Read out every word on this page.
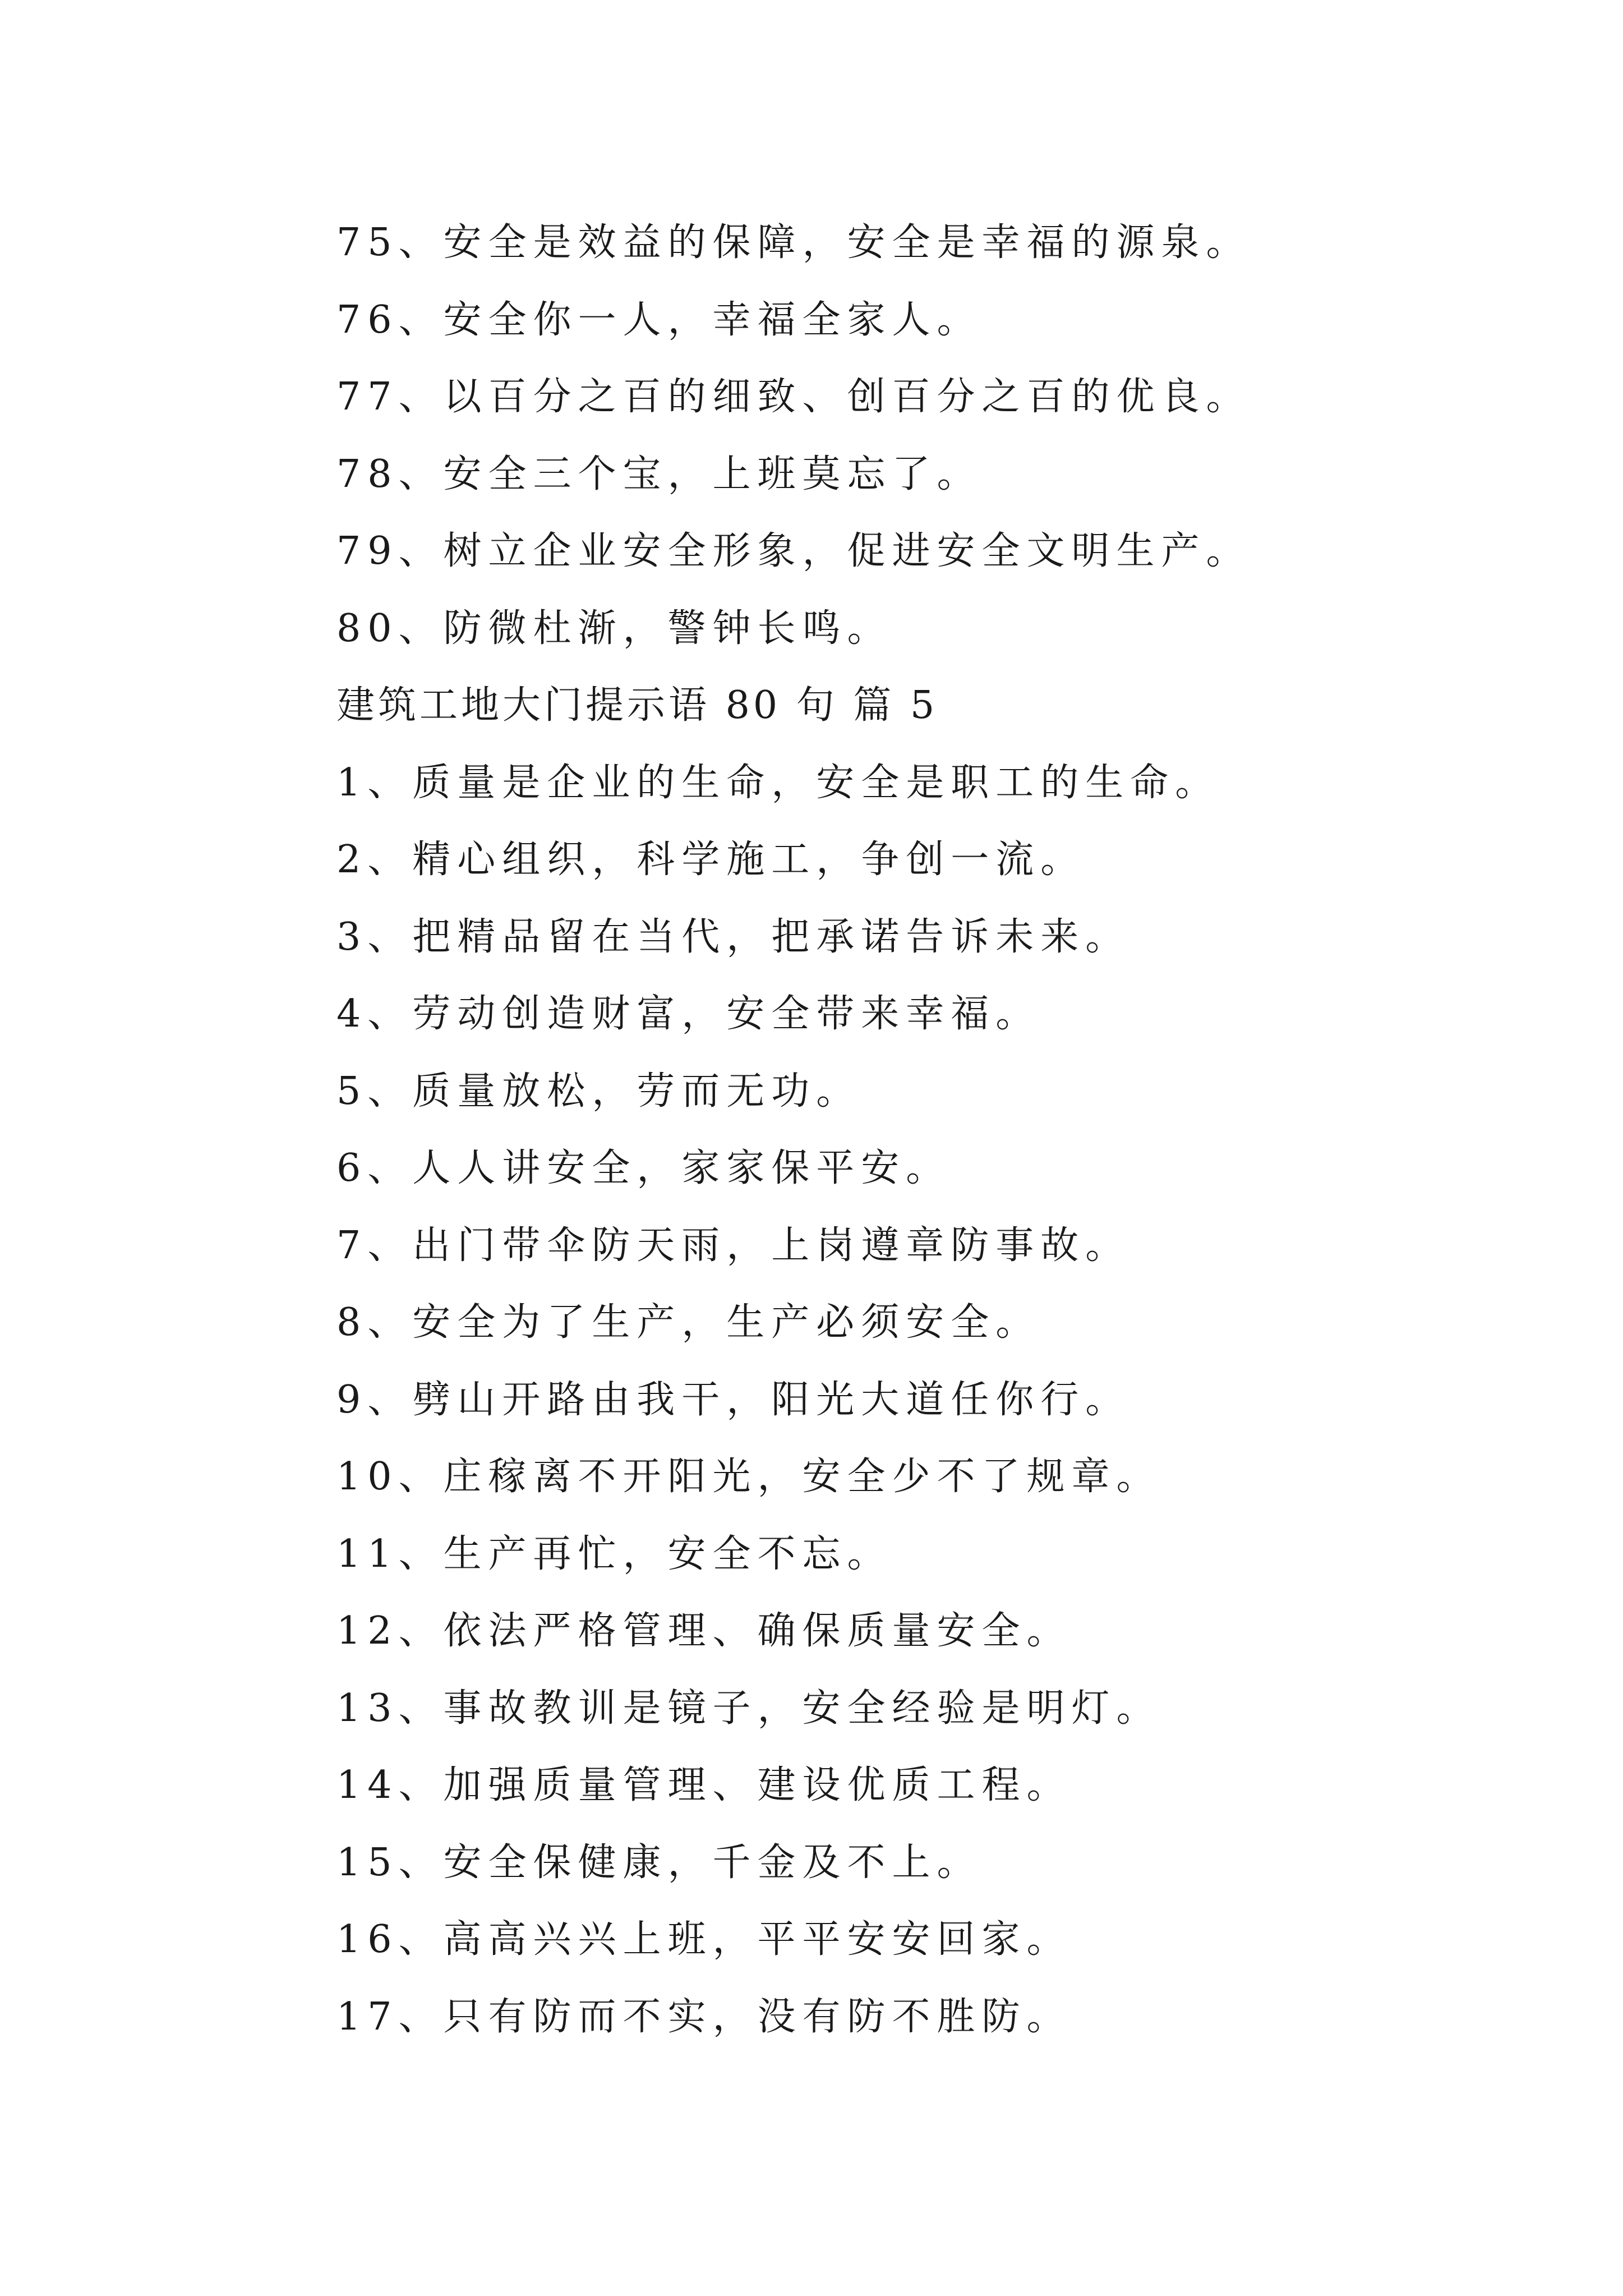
75、安全是效益的保障，安全是幸福的源泉。

76、安全你一人，幸福全家人。

77、以百分之百的细致、创百分之百的优良。

78、安全三个宝，上班莫忘了。

79、树立企业安全形象，促进安全文明生产。

80、防微杜渐，警钟长鸣。

建筑工地大门提示语 80 句 篇 5

1、质量是企业的生命，安全是职工的生命。

2、精心组织，科学施工，争创一流。

3、把精品留在当代，把承诺告诉未来。

4、劳动创造财富，安全带来幸福。

5、质量放松，劳而无功。

6、人人讲安全，家家保平安。

7、出门带伞防天雨，上岗遵章防事故。

8、安全为了生产，生产必须安全。

9、劈山开路由我干，阳光大道任你行。

10、庄稼离不开阳光，安全少不了规章。

11、生产再忙，安全不忘。

12、依法严格管理、确保质量安全。

13、事故教训是镜子，安全经验是明灯。

14、加强质量管理、建设优质工程。

15、安全保健康，千金及不上。

16、高高兴兴上班，平平安安回家。

17、只有防而不实，没有防不胜防。
